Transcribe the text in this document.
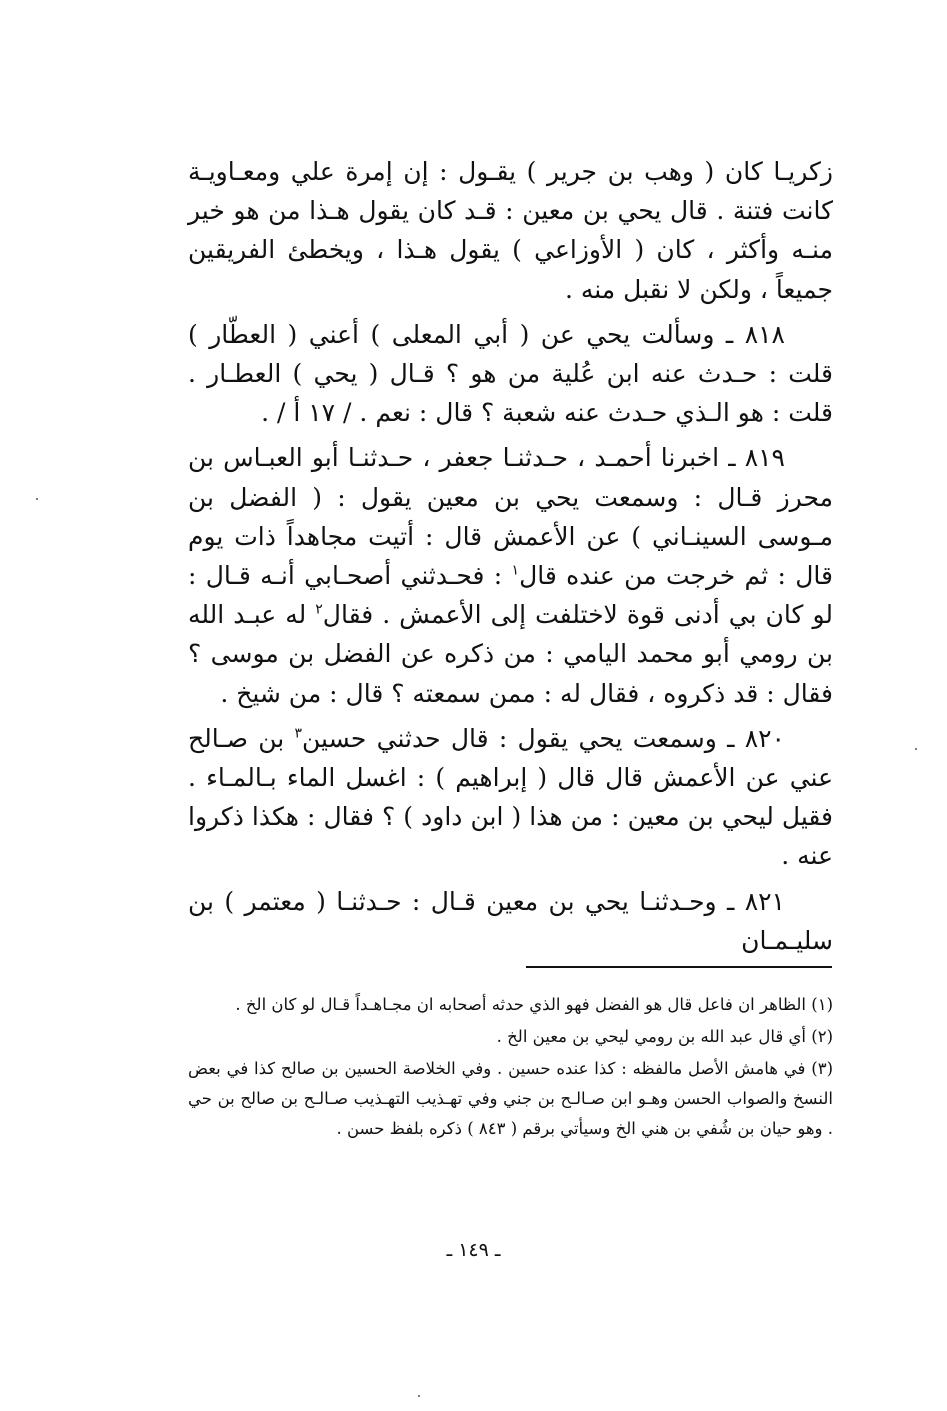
زكريـا كان ( وهب بن جرير ) يقـول : إن إمرة علي ومعـاويـة كانت فتنة . قال يحي بن معين : قـد كان يقول هـذا من هو خير منـه وأكثر ، كان ( الأوزاعي ) يقول هـذا ، ويخطئ الفريقين جميعاً ، ولكن لا نقبل منه .

٨١٨ ـ وسألت يحي عن ( أبي المعلى ) أعني ( العطّار ) قلت : حـدث عنه ابن عُلية من هو ؟ قـال ( يحي ) العطـار . قلت : هو الـذي حـدث عنه شعبة ؟ قال : نعم . / ١٧ أ / .

٨١٩ ـ اخبرنا أحمـد ، حـدثنـا جعفر ، حـدثنـا أبو العبـاس بن محرز قـال : وسمعت يحي بن معين يقول : ( الفضل بن مـوسى السينـاني ) عن الأعمش قال : أتيت مجاهداً ذات يوم قال : ثم خرجت من عنده قال$^١$ : فحـدثني أصحـابي أنـه قـال : لو كان بي أدنى قوة لاختلفت إلى الأعمش . فقال$^٢$ له عبـد الله بن رومي أبو محمد اليامي : من ذكره عن الفضل بن موسى ؟ فقال : قد ذكروه ، فقال له : ممن سمعته ؟ قال : من شيخ .

٨٢٠ ـ وسمعت يحي يقول : قال حدثني حسين$^٣$ بن صـالح عني عن الأعمش قال قال ( إبراهيم ) : اغسل الماء بـالمـاء . فقيل ليحي بن معين : من هذا ( ابن داود ) ؟ فقال : هكذا ذكروا عنه .

٨٢١ ـ وحـدثنـا يحي بن معين قـال : حـدثنـا ( معتمر ) بن سليـمـان

(١) الظاهر ان فاعل قال هو الفضل فهو الذي حدثه أصحابه ان مجـاهـداً قـال لو كان الخ .

(٢) أي قال عبد الله بن رومي ليحي بن معين الخ .

(٣) في هامش الأصل مالفظه : كذا عنده حسين . وفي الخلاصة الحسين بن صالح كذا في بعض النسخ والصواب الحسن وهـو ابن صـالـح بن جني وفي تهـذيب التهـذيب صـالـح بن صالح بن حي . وهو حيان بن شُفي بن هني الخ وسيأتي برقم ( ٨٤٣ ) ذكره بلفظ حسن .

ـ ١٤٩ ـ
